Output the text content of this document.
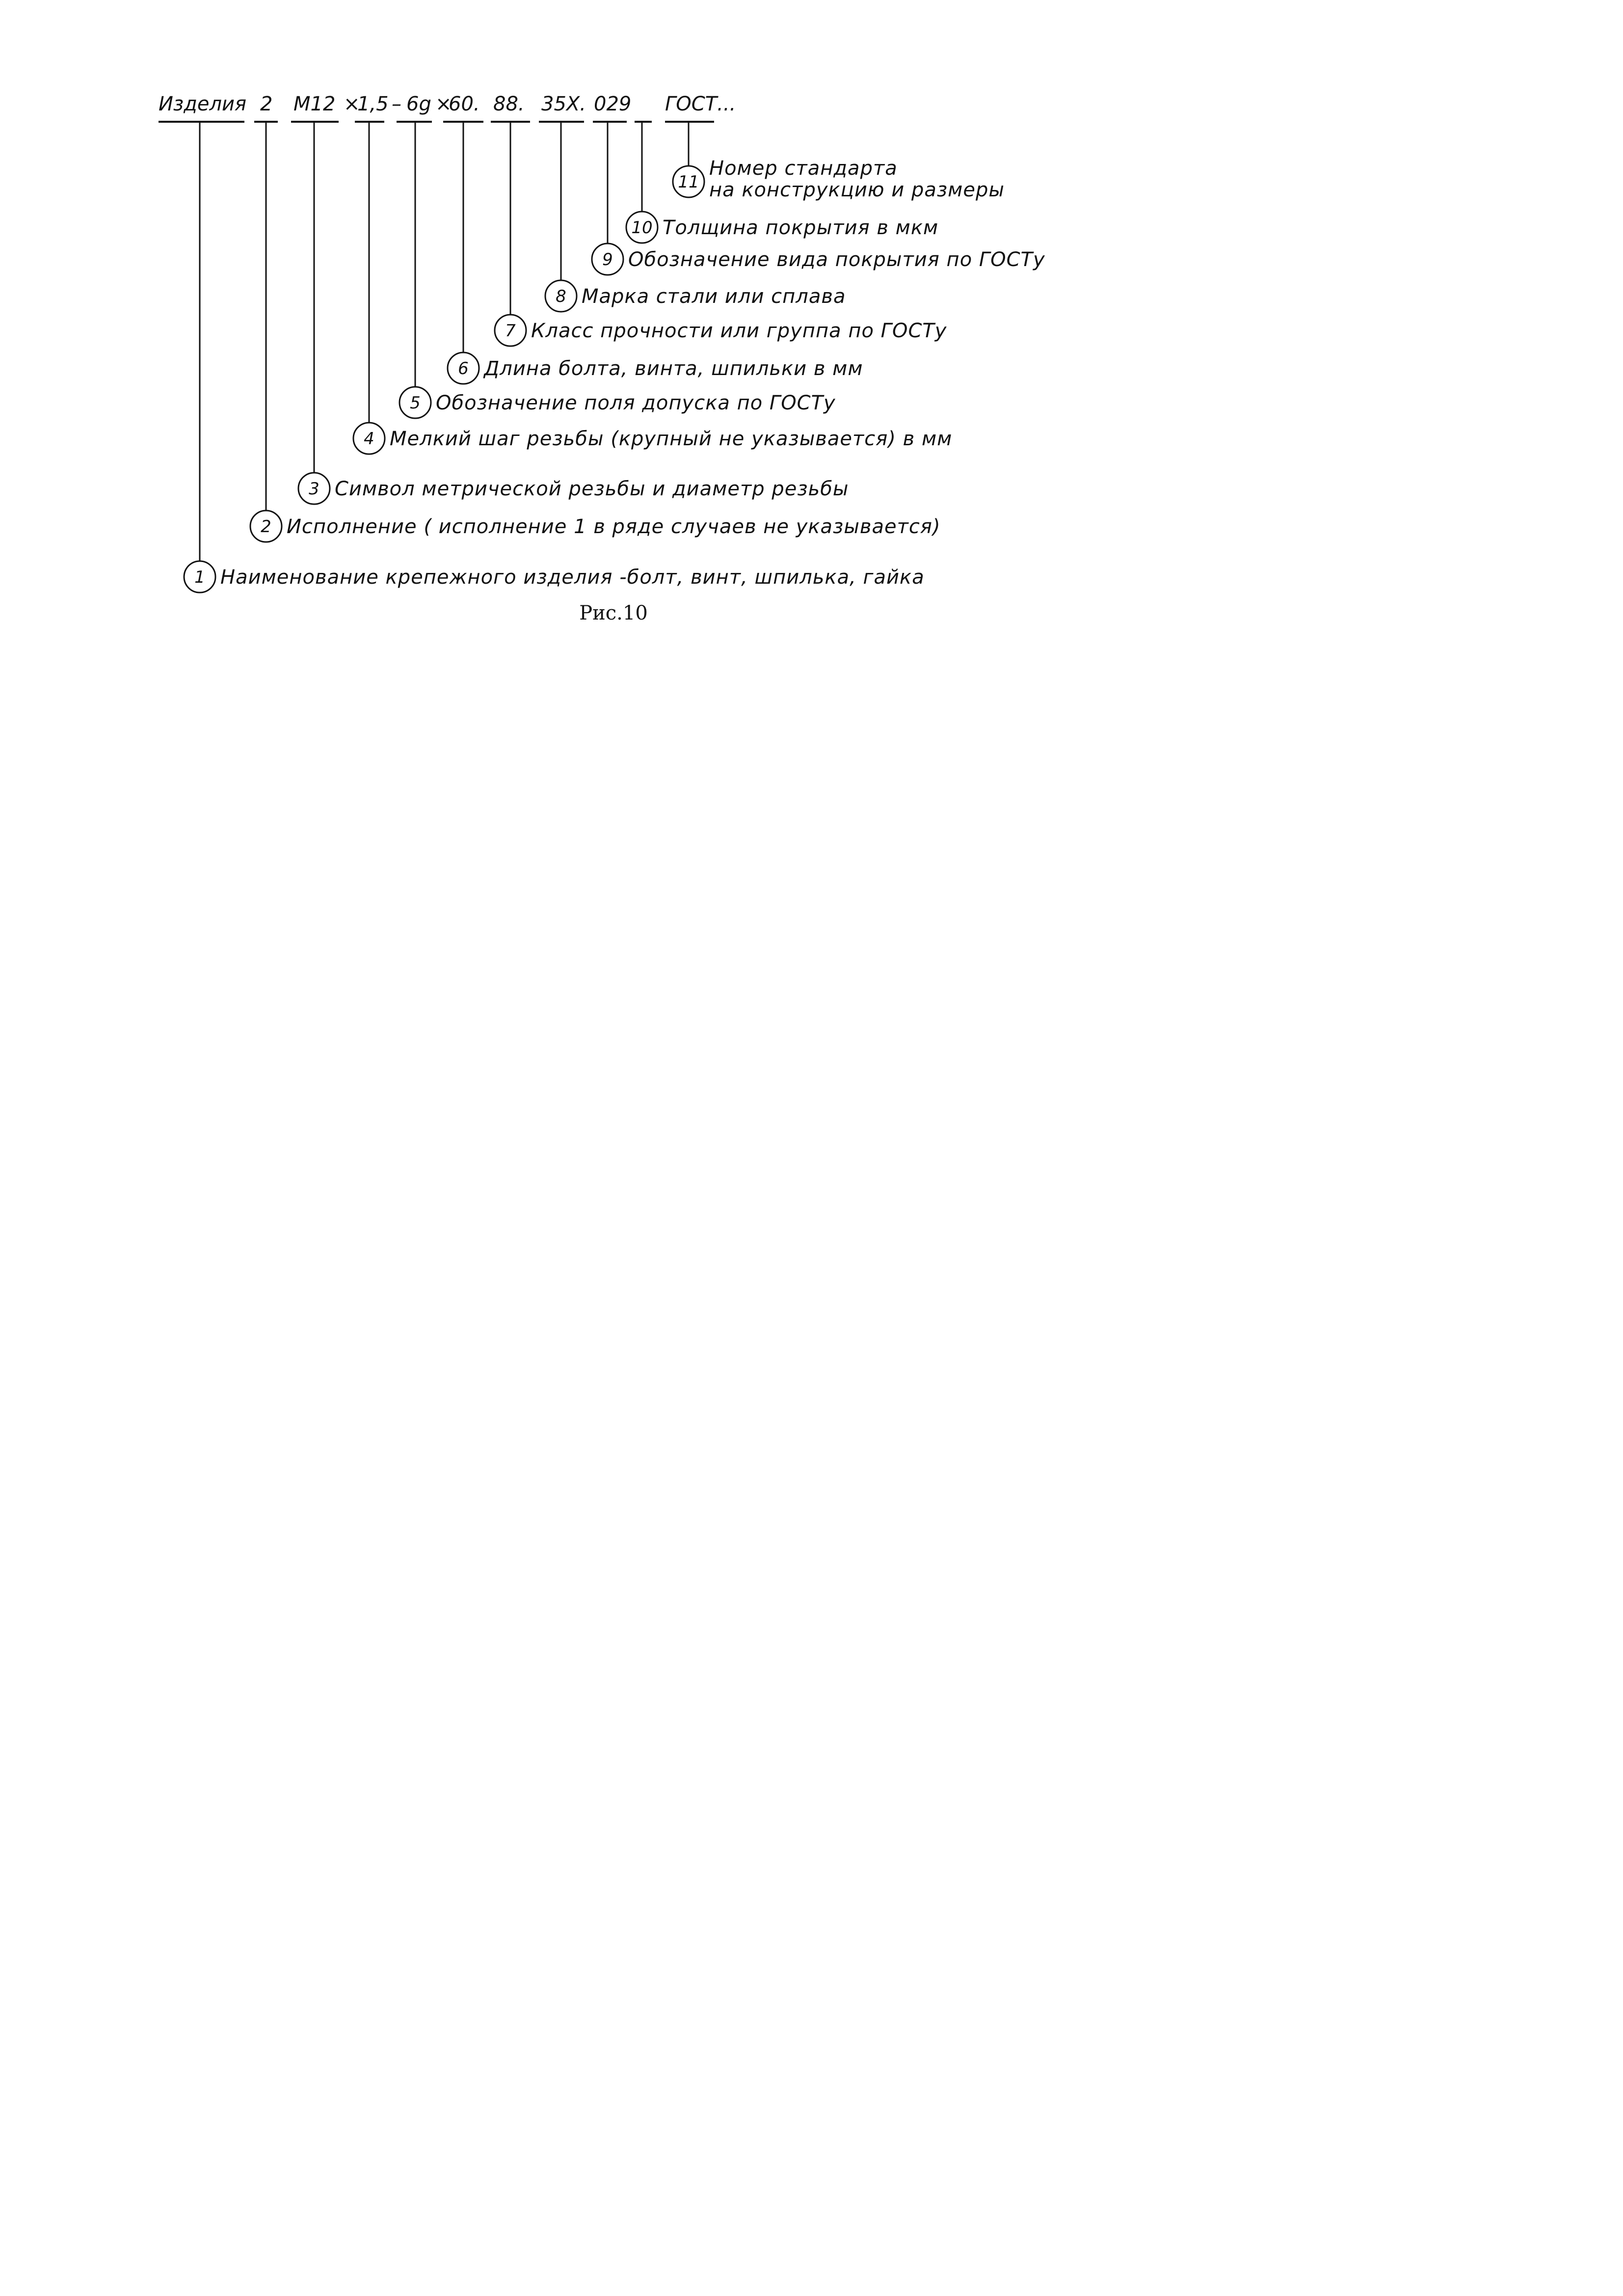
Изделия 2 М12 ×
1,5 – 6g ×
60. 88. 35Х. 029 ГОСТ...
1 Наименование крепежного изделия -болт, винт, шпилька, гайка
2 Исполнение ( исполнение 1 в ряде случаев не указывается)
3 Символ метрической резьбы и диаметр резьбы
4 Мелкий шаг резьбы (крупный не указывается) в мм
5 Обозначение поля допуска по ГОСТу
6 Длина болта, винта, шпильки в мм
7 Класс прочности или группа по ГОСТу
8 Марка стали или сплава
9 Обозначение вида покрытия по ГОСТу
10 Толщина покрытия в мкм
11
Номер стандарта
на конструкцию и размеры
Рис.10
